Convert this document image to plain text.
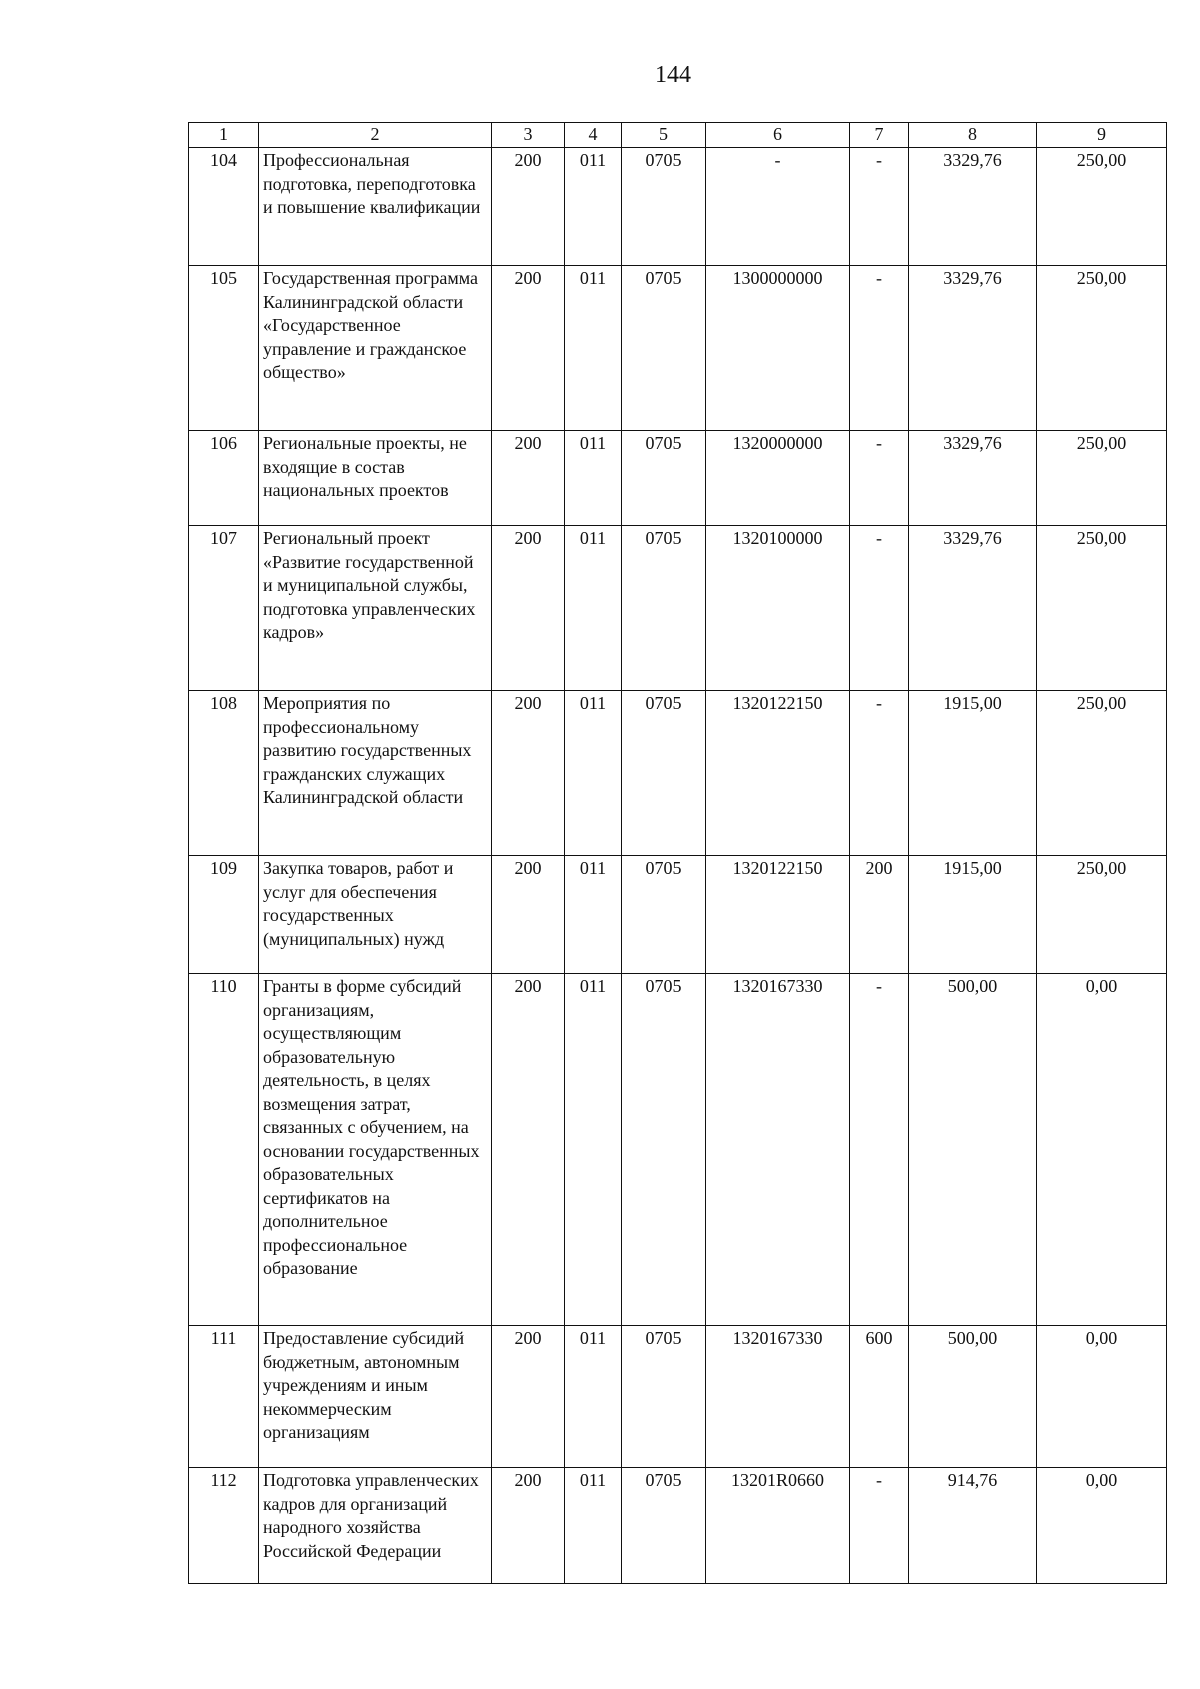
144
1	2	3	4	5	6	7	8	9
104	Профессиональная подготовка, переподготовка и повышение квалификации	200	011	0705	-	-	3329,76	250,00
105	Государственная программа Калининградской области «Государственное управление и гражданское общество»	200	011	0705	1300000000	-	3329,76	250,00
106	Региональные проекты, не входящие в состав национальных проектов	200	011	0705	1320000000	-	3329,76	250,00
107	Региональный проект «Развитие государственной и муниципальной службы, подготовка управленческих кадров»	200	011	0705	1320100000	-	3329,76	250,00
108	Мероприятия по профессиональному развитию государственных гражданских служащих Калининградской области	200	011	0705	1320122150	-	1915,00	250,00
109	Закупка товаров, работ и услуг для обеспечения государственных (муниципальных) нужд	200	011	0705	1320122150	200	1915,00	250,00
110	Гранты в форме субсидий организациям, осуществляющим образовательную деятельность, в целях возмещения затрат, связанных с обучением, на основании государственных образовательных сертификатов на дополнительное профессиональное образование	200	011	0705	1320167330	-	500,00	0,00
111	Предоставление субсидий бюджетным, автономным учреждениям и иным некоммерческим организациям	200	011	0705	1320167330	600	500,00	0,00
112	Подготовка управленческих кадров для организаций народного хозяйства Российской Федерации	200	011	0705	13201R0660	-	914,76	0,00
